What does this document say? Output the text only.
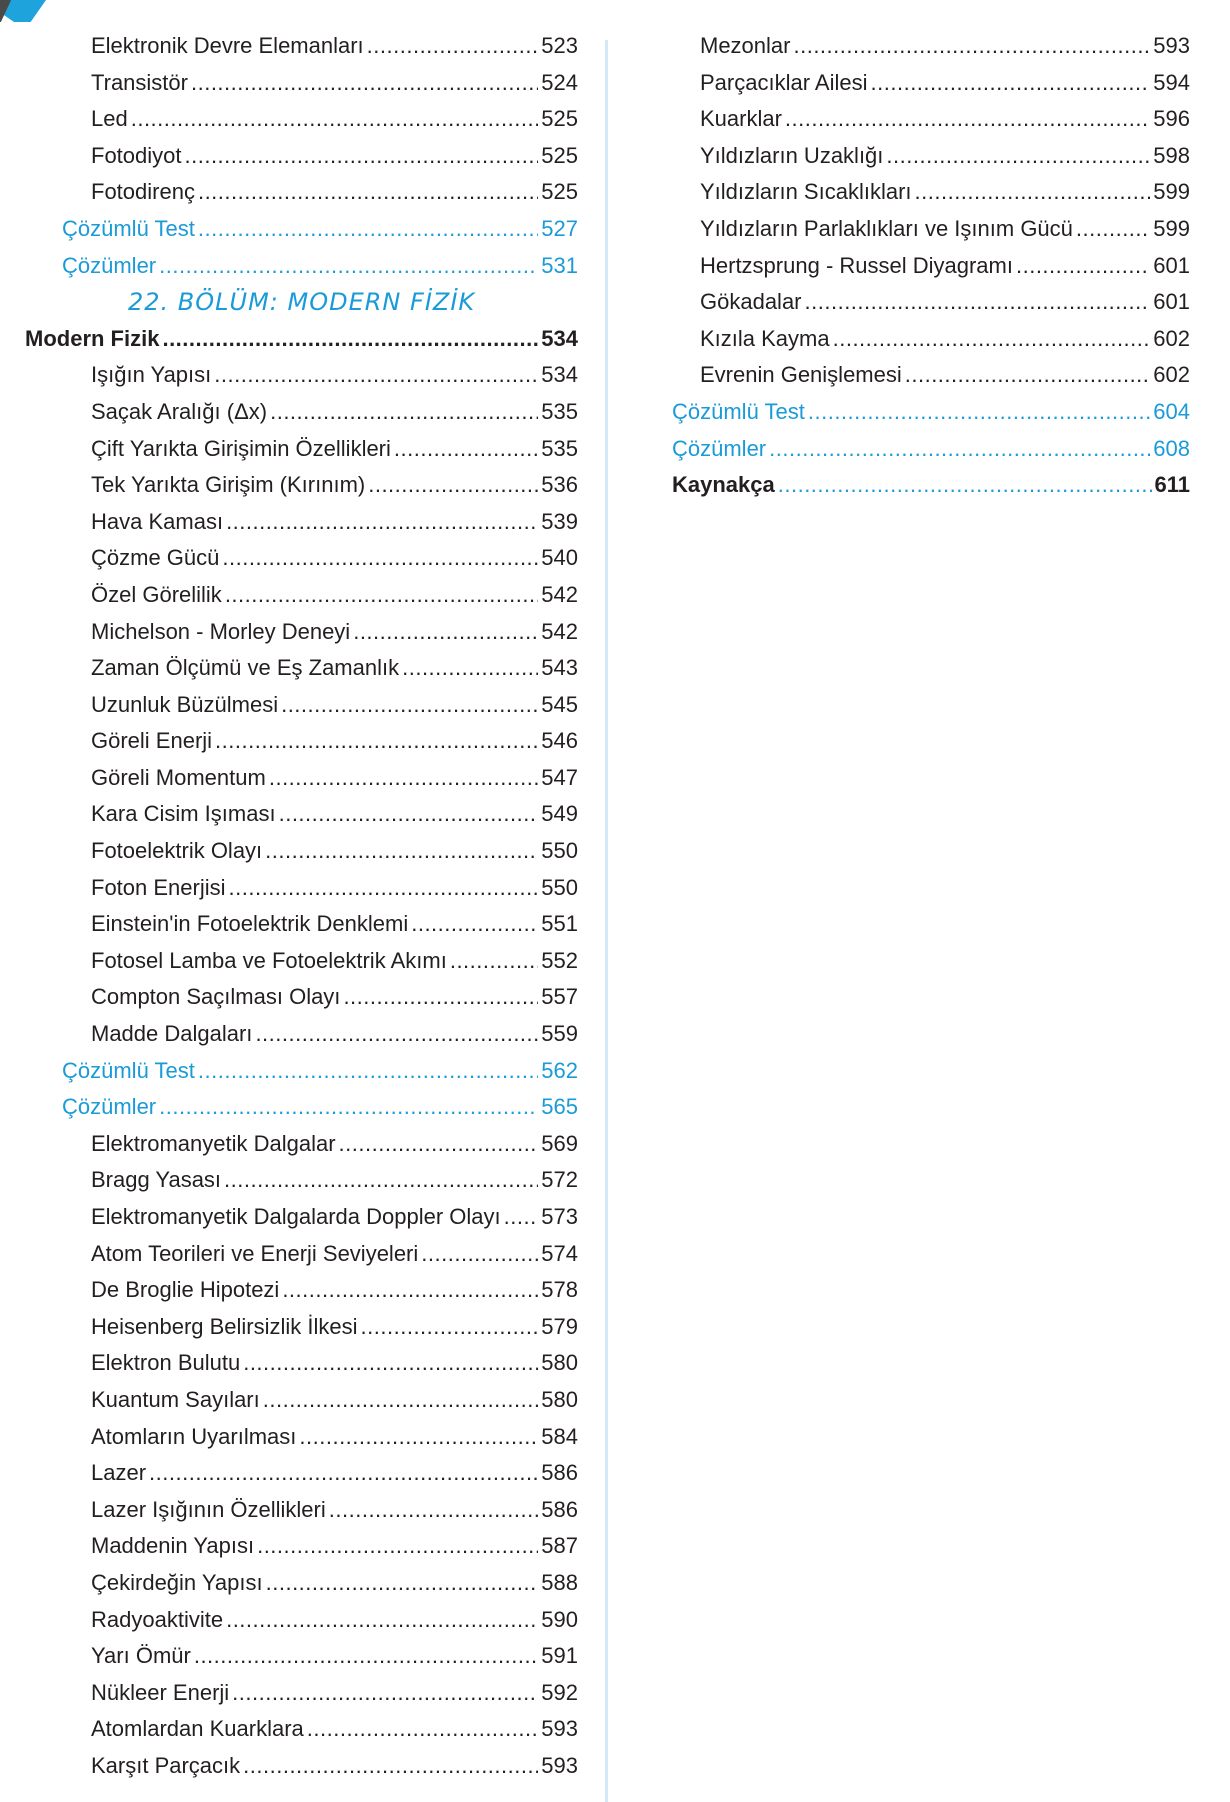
Elektronik Devre Elemanları .....	523
Transistör .....	524
Led .....	525
Fotodiyot .....	525
Fotodirenç .....	525
Çözümlü Test .....	527
Çözümler .....	531
22. BÖLÜM: MODERN FİZİK
Modern Fizik .....	534
Işığın Yapısı .....	534
Saçak Aralığı (Δx) .....	535
Çift Yarıkta Girişimin Özellikleri .....	535
Tek Yarıkta Girişim (Kırınım) .....	536
Hava Kaması .....	539
Çözme Gücü .....	540
Özel Görelilik .....	542
Michelson - Morley Deneyi .....	542
Zaman Ölçümü ve Eş Zamanlık .....	543
Uzunluk Büzülmesi .....	545
Göreli Enerji .....	546
Göreli Momentum .....	547
Kara Cisim Işıması .....	549
Fotoelektrik Olayı .....	550
Foton Enerjisi .....	550
Einstein'in Fotoelektrik Denklemi .....	551
Fotosel Lamba ve Fotoelektrik Akımı .....	552
Compton Saçılması Olayı .....	557
Madde Dalgaları .....	559
Çözümlü Test .....	562
Çözümler .....	565
Elektromanyetik Dalgalar .....	569
Bragg Yasası .....	572
Elektromanyetik Dalgalarda Doppler Olayı ..... 573
Atom Teorileri ve Enerji Seviyeleri .....	574
De Broglie Hipotezi .....	578
Heisenberg Belirsizlik İlkesi .....	579
Elektron Bulutu .....	580
Kuantum Sayıları .....	580
Atomların Uyarılması .....	584
Lazer .....	586
Lazer Işığının Özellikleri .....	586
Maddenin Yapısı .....	587
Çekirdeğin Yapısı .....	588
Radyoaktivite .....	590
Yarı Ömür .....	591
Nükleer Enerji .....	592
Atomlardan Kuarklara .....	593
Karşıt Parçacık .....	593
Mezonlar .....	593
Parçacıklar Ailesi .....	594
Kuarklar .....	596
Yıldızların Uzaklığı .....	598
Yıldızların Sıcaklıkları .....	599
Yıldızların Parlaklıkları ve Işınım Gücü .....	599
Hertzsprung - Russel Diyagramı .....	601
Gökadalar .....	601
Kızıla Kayma .....	602
Evrenin Genişlemesi .....	602
Çözümlü Test .....	604
Çözümler .....	608
Kaynakça .....	611
